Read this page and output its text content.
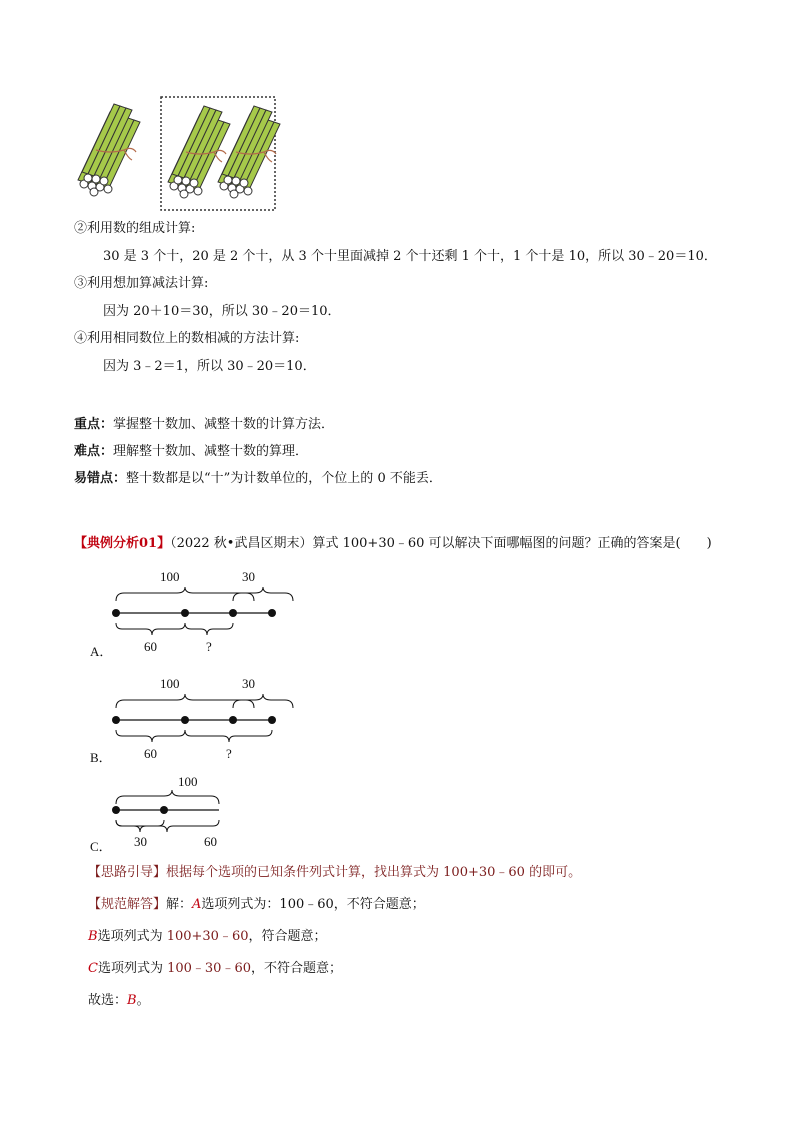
②利用数的组成计算:
30 是 3 个十，20 是 2 个十，从 3 个十里面减掉 2 个十还剩 1 个十，1 个十是 10，所以 30﹣20＝10．
③利用想加算减法计算:
因为 20＋10＝30，所以 30﹣20＝10．
④利用相同数位上的数相减的方法计算:
因为 3﹣2＝1，所以 30﹣20＝10．
重点：掌握整十数加、减整十数的计算方法．
难点：理解整十数加、减整十数的算理．
易错点：整十数都是以“十”为计数单位的，个位上的 0 不能丢．
【典例分析01】（2022 秋•武昌区期末）算式 100+30﹣60 可以解决下面哪幅图的问题？正确的答案是(　　)
100	30
60	?
A．
100	30
60	?
B．
100
30	60
C．
【思路引导】根据每个选项的已知条件列式计算，找出算式为 100+30﹣60 的即可。
【规范解答】解：A选项列式为：100﹣60，不符合题意；
B选项列式为 100+30﹣60，符合题意；
C选项列式为 100﹣30﹣60，不符合题意；
故选：B。
